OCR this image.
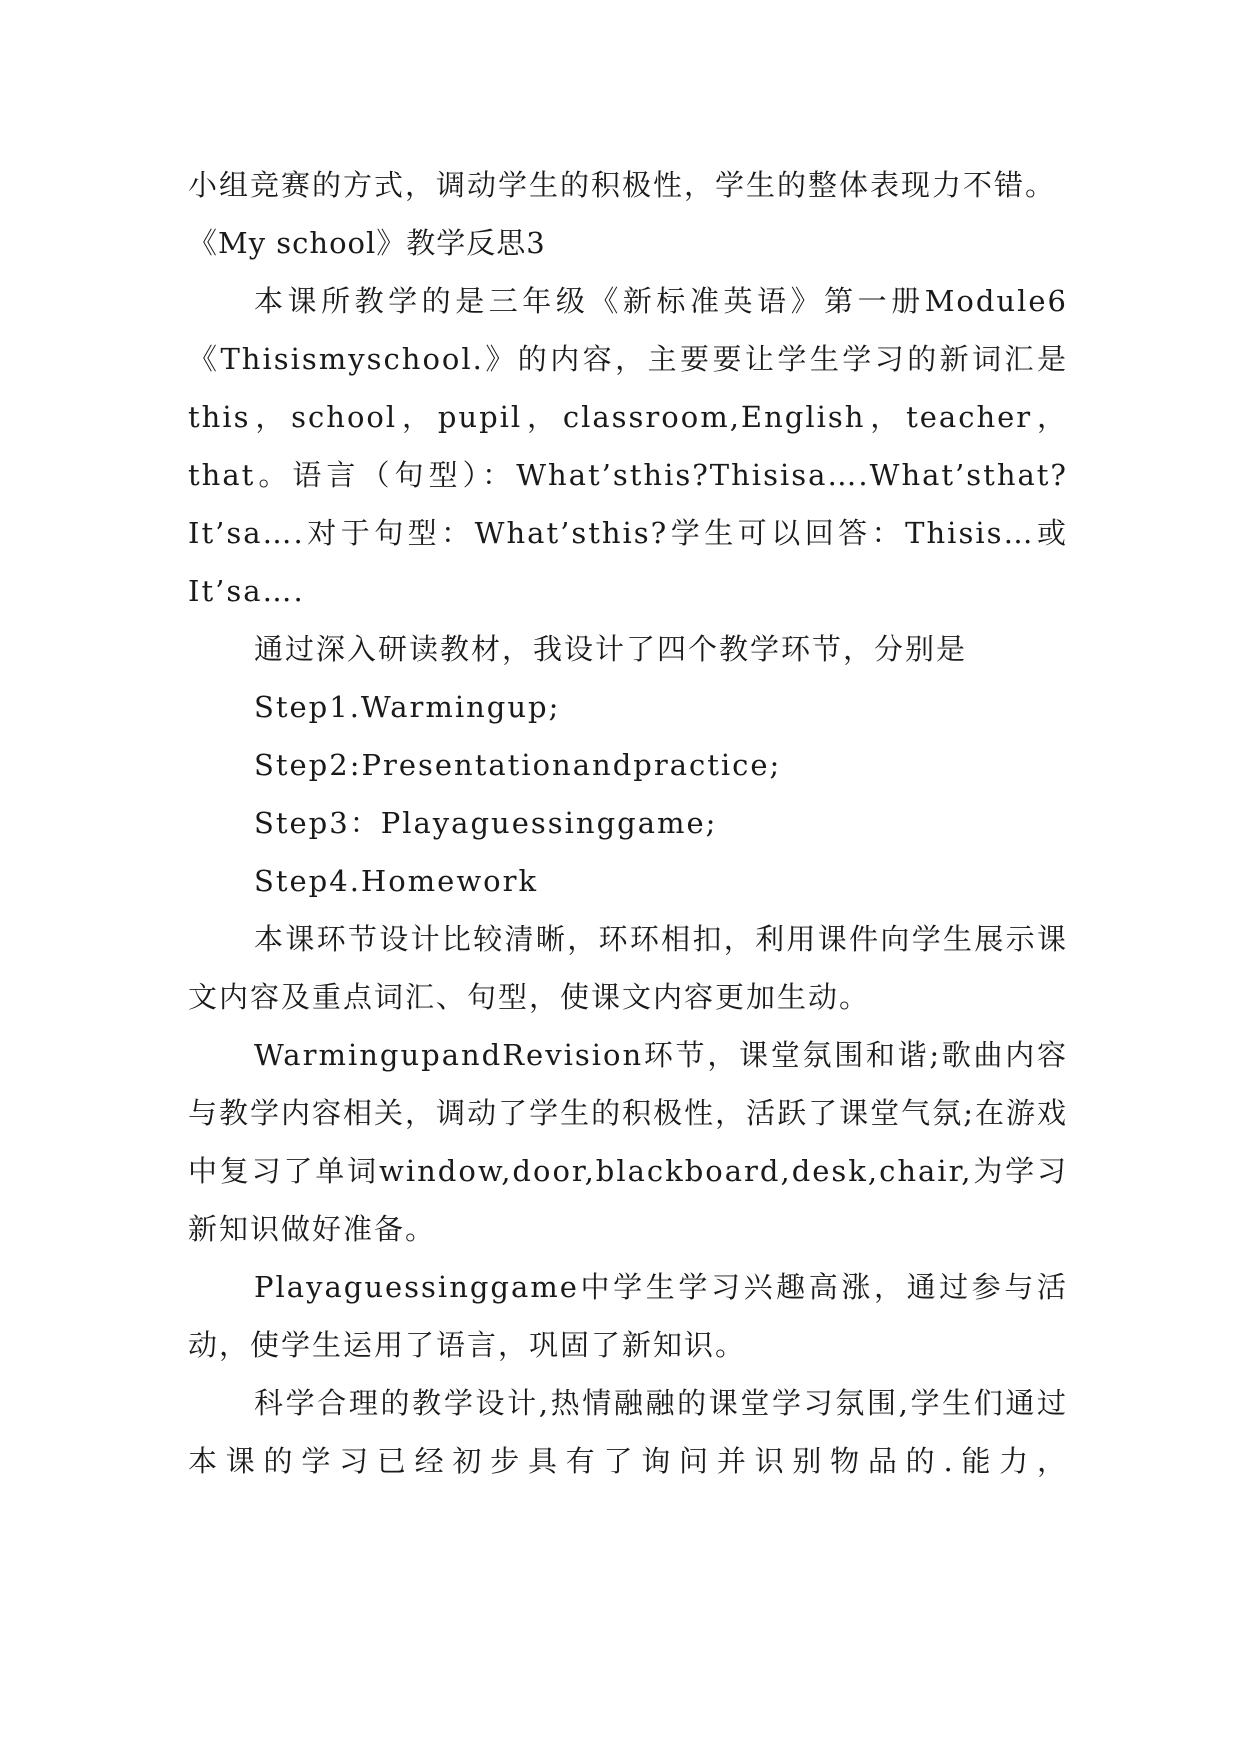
小组竞赛的方式，调动学生的积极性，学生的整体表现力不错。

《My school》教学反思3

本课所教学的是三年级《新标准英语》第一册Module6《Thisismyschool.》的内容，主要要让学生学习的新词汇是this，school，pupil，classroom,English，teacher，that。语言（句型）：What’sthis?Thisisa….What’sthat? It’sa….对于句型：What’sthis?学生可以回答：Thisis…或It’sa….

通过深入研读教材，我设计了四个教学环节，分别是

Step1.Warmingup;

Step2:Presentationandpractice;

Step3：Playaguessinggame;

Step4.Homework

本课环节设计比较清晰，环环相扣，利用课件向学生展示课文内容及重点词汇、句型，使课文内容更加生动。

WarmingupandRevision环节，课堂氛围和谐;歌曲内容与教学内容相关，调动了学生的积极性，活跃了课堂气氛;在游戏中复习了单词window,door,blackboard,desk,chair,为学习新知识做好准备。

Playaguessinggame中学生学习兴趣高涨，通过参与活动，使学生运用了语言，巩固了新知识。

科学合理的教学设计,热情融融的课堂学习氛围,学生们通过本课的学习已经初步具有了询问并识别物品的.能力，
